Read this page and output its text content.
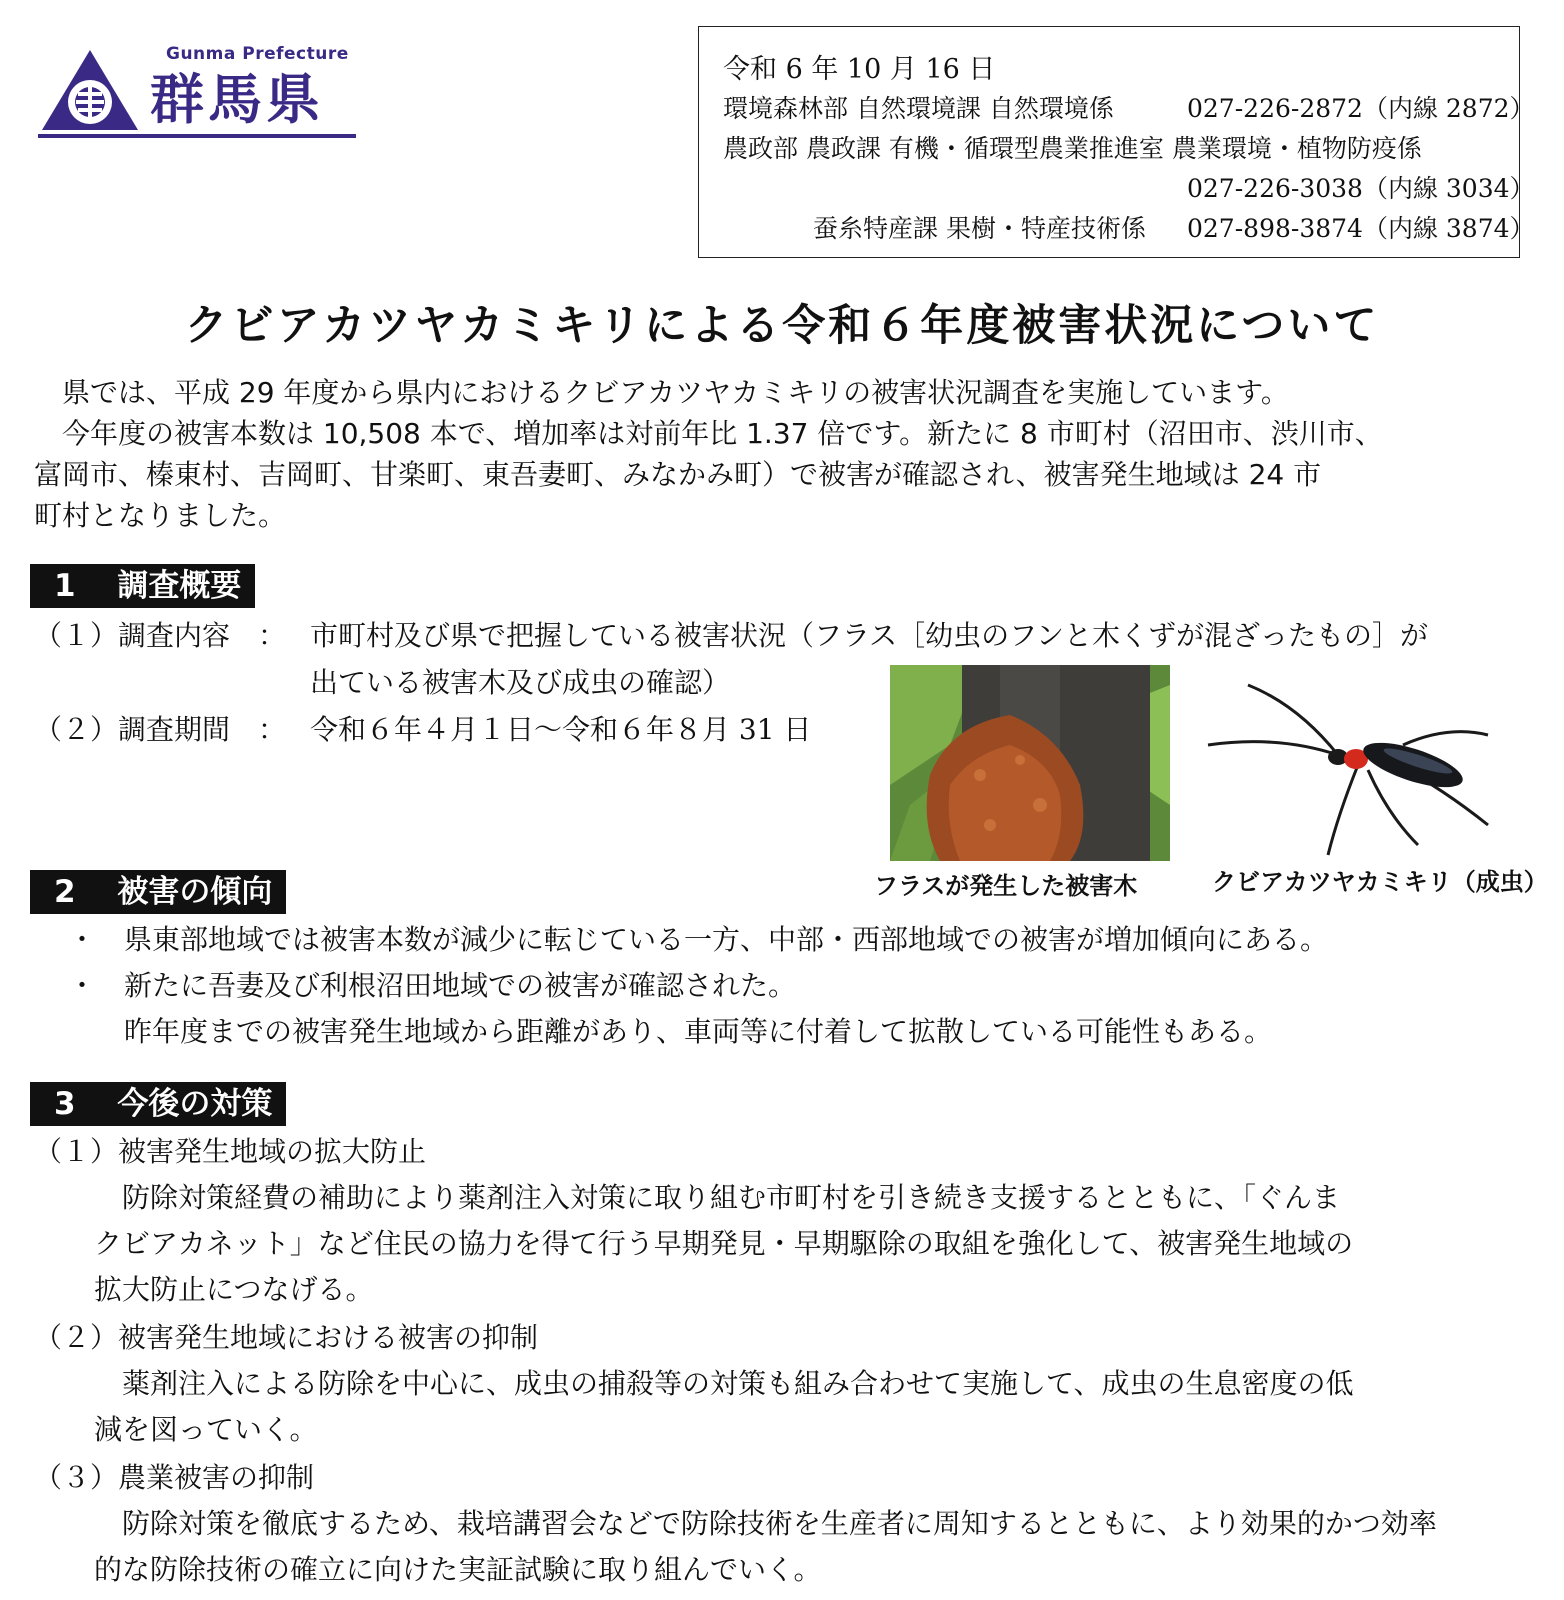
Gunma Prefecture
群馬県	令和 6 年 10 月 16 日
環境森林部 自然環境課 自然環境係	027-226-2872（内線 2872）
農政部 農政課 有機・循環型農業推進室 農業環境・植物防疫係
027-226-3038（内線 3034）
蚕糸特産課 果樹・特産技術係 027-898-3874（内線 3874）
クビアカツヤカミキリによる令和６年度被害状況について
　県では、平成 29 年度から県内におけるクビアカツヤカミキリの被害状況調査を実施しています。
　今年度の被害本数は 10,508 本で、増加率は対前年比 1.37 倍です。新たに 8 市町村（沼田市、渋川市、
富岡市、榛東村、吉岡町、甘楽町、東吾妻町、みなかみ町）で被害が確認され、被害発生地域は 24 市
町村となりました。
1　 調査概要
（１）調査内容　： 市町村及び県で把握している被害状況（フラス［幼虫のフンと木くずが混ざったもの］が
出ている被害木及び成虫の確認）
（２）調査期間　： 令和６年４月１日～令和６年８月 31 日
フラスが発生した被害木	クビアカツヤカミキリ（成虫）
2　 被害の傾向
・ 県東部地域では被害本数が減少に転じている一方、中部・西部地域での被害が増加傾向にある。
・ 新たに吾妻及び利根沼田地域での被害が確認された。
昨年度までの被害発生地域から距離があり、車両等に付着して拡散している可能性もある。
3　 今後の対策
（１）被害発生地域の拡大防止
　防除対策経費の補助により薬剤注入対策に取り組む市町村を引き続き支援するとともに、「ぐんま
クビアカネット」など住民の協力を得て行う早期発見・早期駆除の取組を強化して、被害発生地域の
拡大防止につなげる。
（２）被害発生地域における被害の抑制
　薬剤注入による防除を中心に、成虫の捕殺等の対策も組み合わせて実施して、成虫の生息密度の低
減を図っていく。
（３）農業被害の抑制
　防除対策を徹底するため、栽培講習会などで防除技術を生産者に周知するとともに、より効果的かつ効率
的な防除技術の確立に向けた実証試験に取り組んでいく。
